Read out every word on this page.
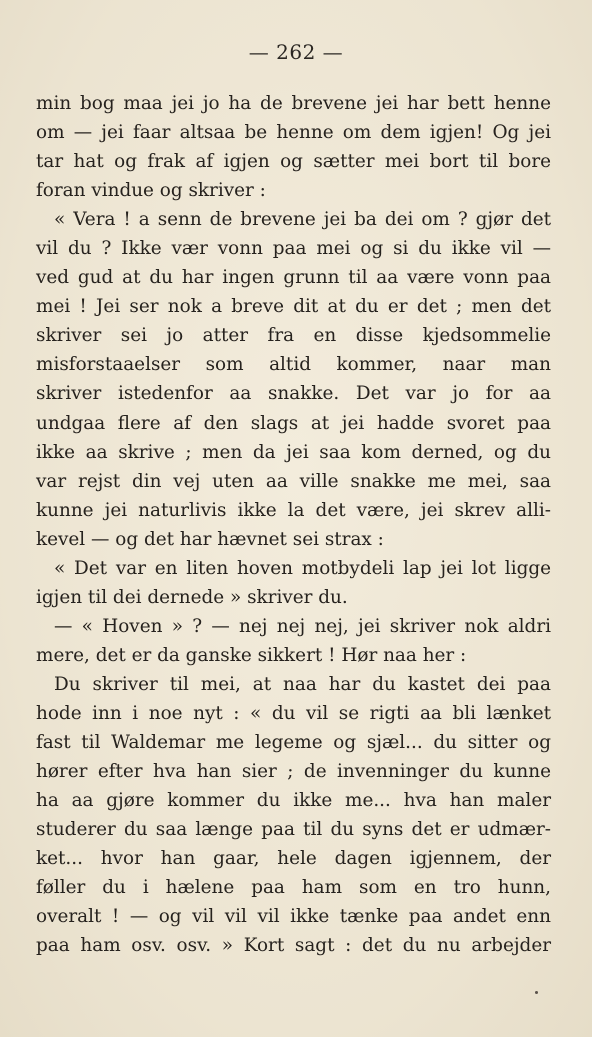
— 262 —
min bog maa jei jo ha de brevene jei har bett henne
om — jei faar altsaa be henne om dem igjen! Og jei
tar hat og frak af igjen og sætter mei bort til bore
foran vindue og skriver :
« Vera ! a senn de brevene jei ba dei om ? gjør det
vil du ? Ikke vær vonn paa mei og si du ikke vil —
ved gud at du har ingen grunn til aa være vonn paa
mei ! Jei ser nok a breve dit at du er det ; men det
skriver sei jo atter fra en disse kjedsommelie
misforstaaelser som altid kommer, naar man
skriver istedenfor aa snakke. Det var jo for aa
undgaa flere af den slags at jei hadde svoret paa
ikke aa skrive ; men da jei saa kom derned, og du
var rejst din vej uten aa ville snakke me mei, saa
kunne jei naturlivis ikke la det være, jei skrev alli-
kevel — og det har hævnet sei strax :
« Det var en liten hoven motbydeli lap jei lot ligge
igjen til dei dernede » skriver du.
— « Hoven » ? — nej nej nej, jei skriver nok aldri
mere, det er da ganske sikkert ! Hør naa her :
Du skriver til mei, at naa har du kastet dei paa
hode inn i noe nyt : « du vil se rigti aa bli lænket
fast til Waldemar me legeme og sjæl... du sitter og
hører efter hva han sier ; de invenninger du kunne
ha aa gjøre kommer du ikke me... hva han maler
studerer du saa længe paa til du syns det er udmær-
ket... hvor han gaar, hele dagen igjennem, der
føller du i hælene paa ham som en tro hunn,
overalt ! — og vil vil vil ikke tænke paa andet enn
paa ham osv. osv. » Kort sagt : det du nu arbejder
